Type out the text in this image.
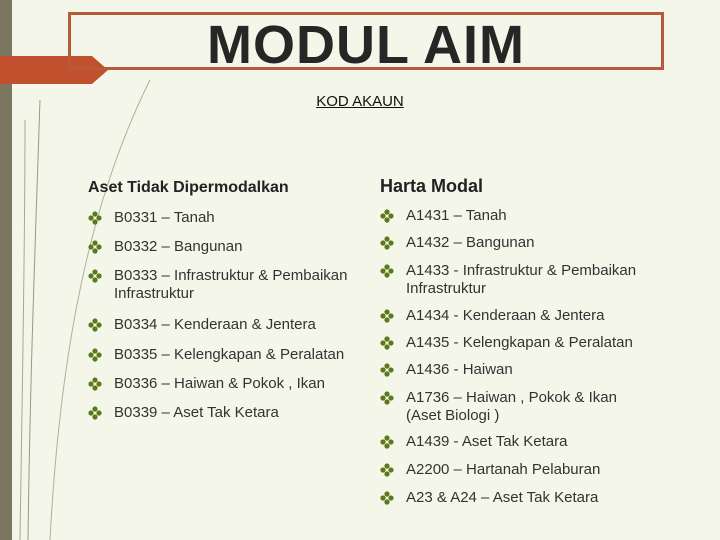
MODUL AIM
KOD AKAUN
Aset Tidak Dipermodalkan	Harta Modal
B0331 – Tanah
B0332 – Bangunan
B0333 – Infrastruktur & Pembaikan Infrastruktur
B0334 – Kenderaan & Jentera
B0335 – Kelengkapan & Peralatan
B0336 – Haiwan & Pokok , Ikan
B0339 – Aset Tak Ketara
A1431 – Tanah
A1432 – Bangunan
A1433 - Infrastruktur & Pembaikan Infrastruktur
A1434 - Kenderaan & Jentera
A1435 - Kelengkapan & Peralatan
A1436 - Haiwan
A1736 – Haiwan , Pokok & Ikan (Aset Biologi )
A1439 - Aset Tak Ketara
A2200 – Hartanah Pelaburan
A23 & A24 – Aset Tak Ketara
